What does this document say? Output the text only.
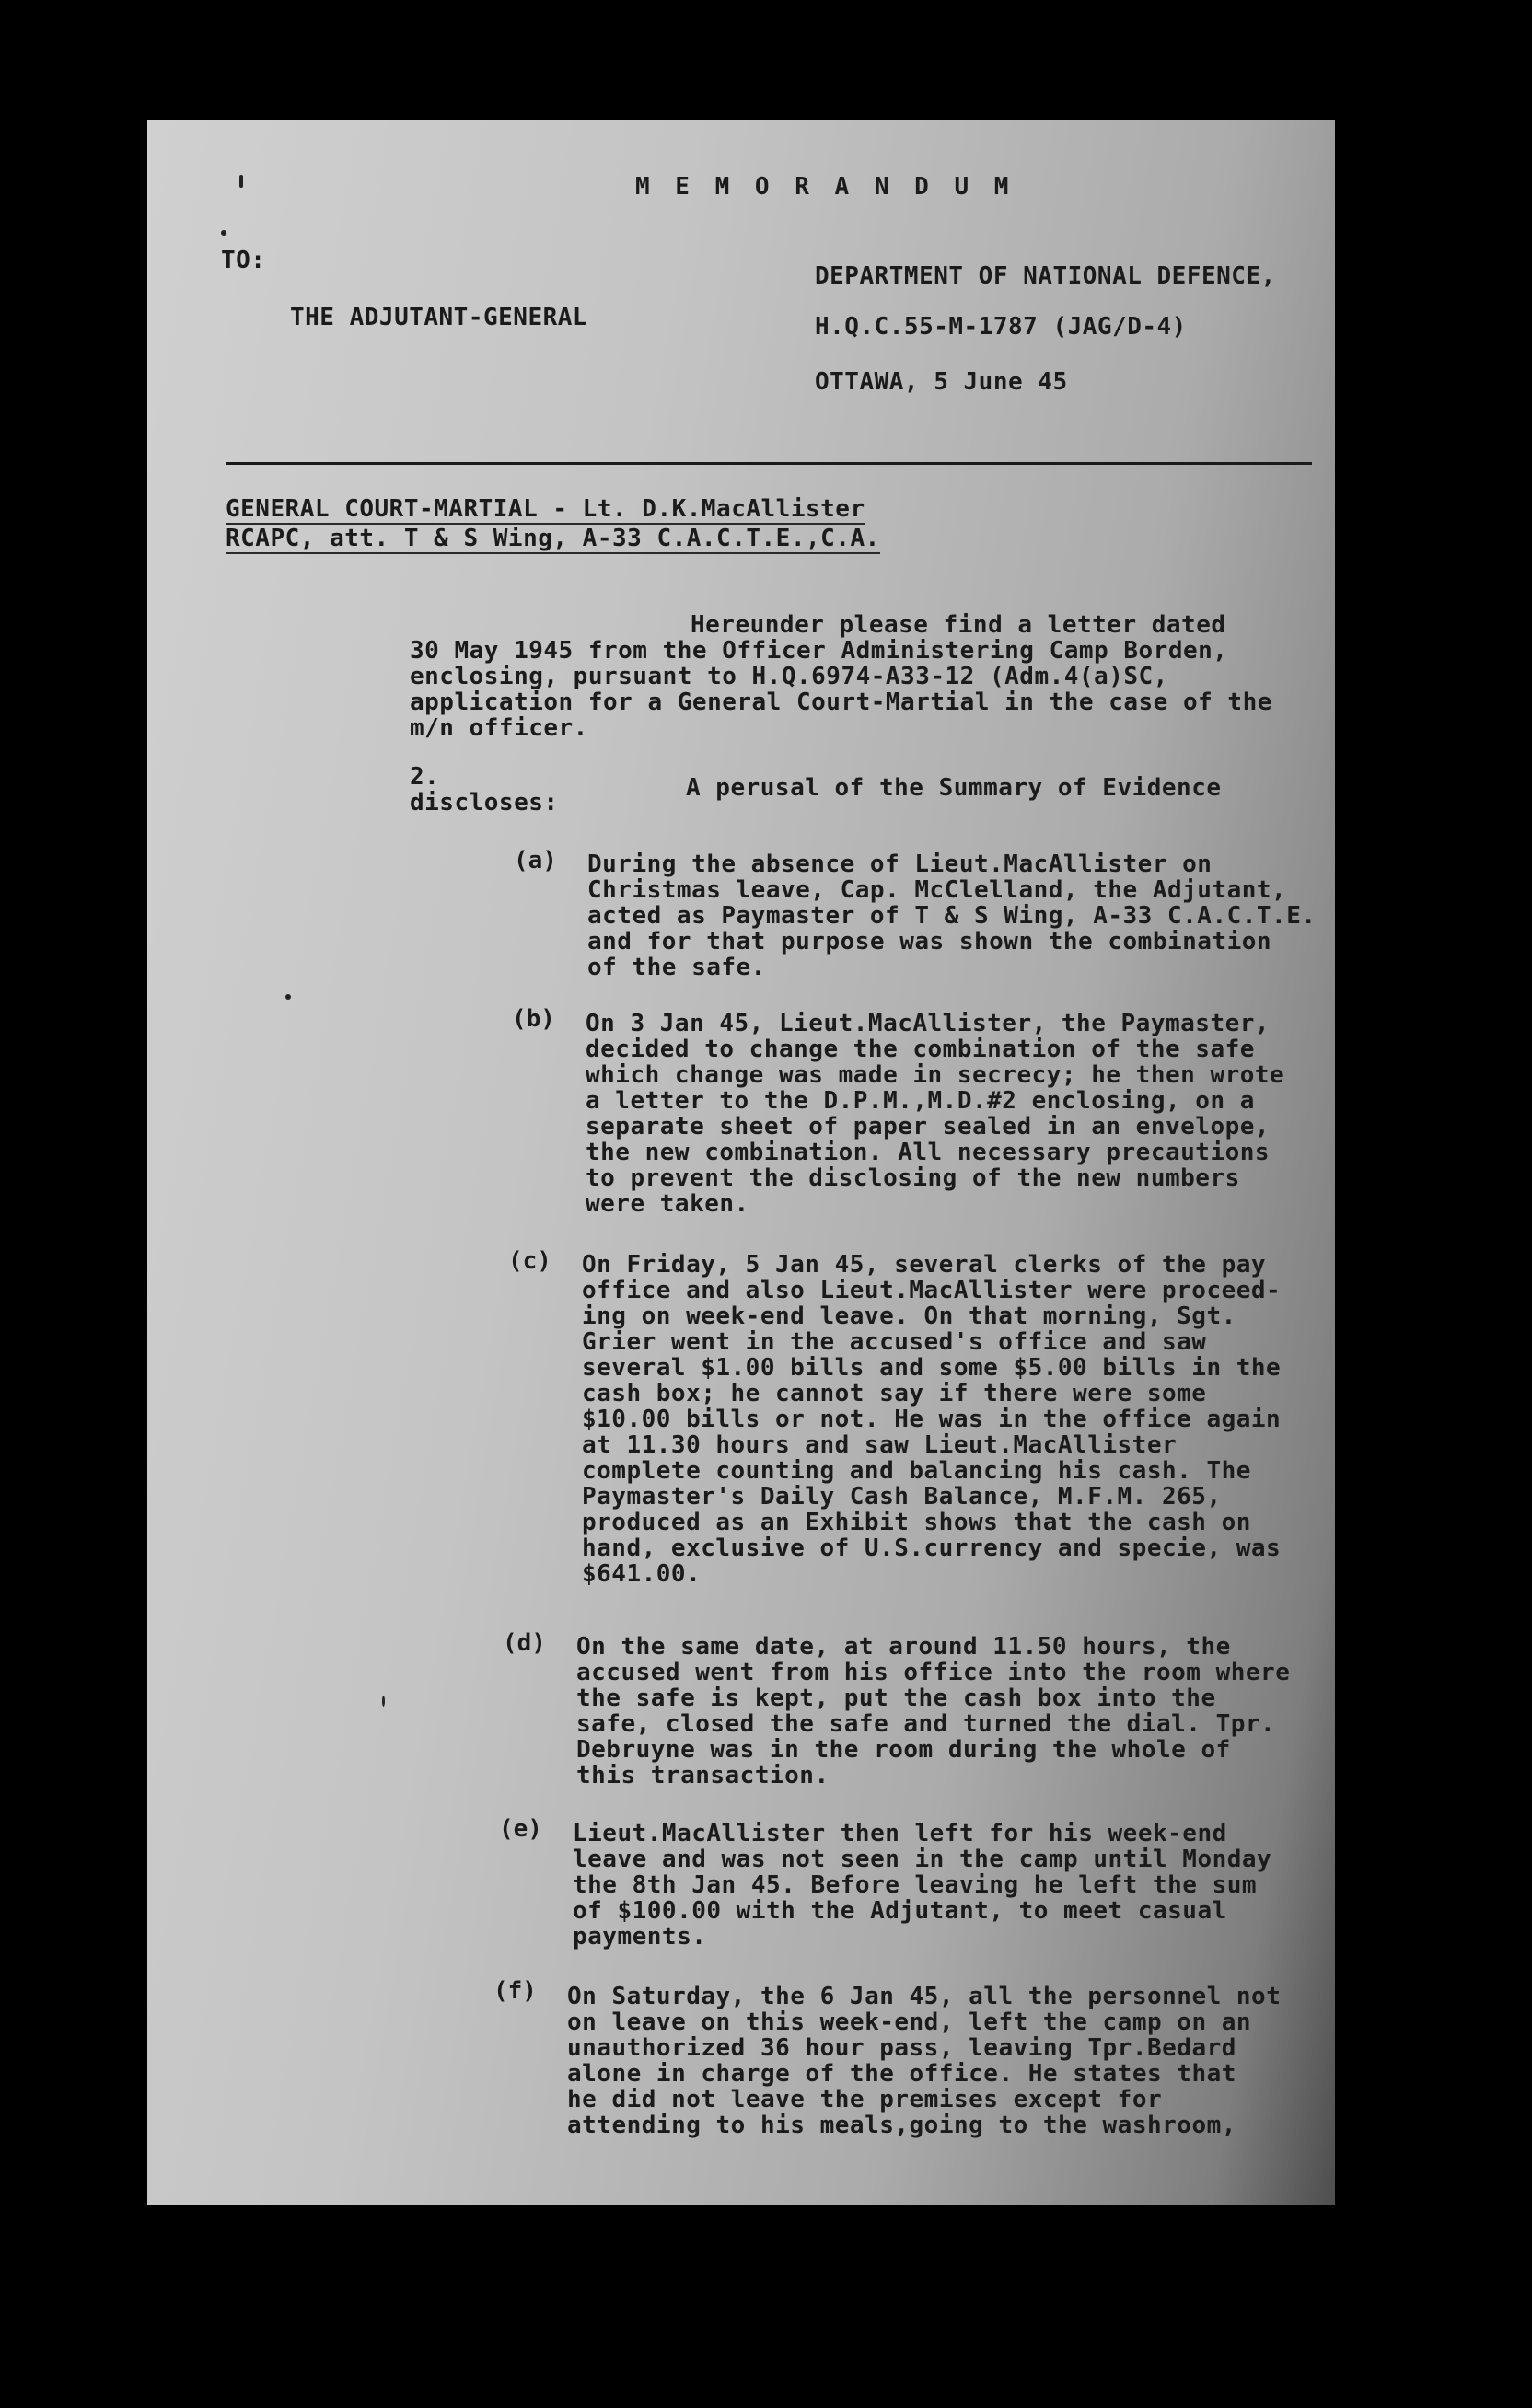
M E M O R A N D U M
TO:
THE ADJUTANT-GENERAL
DEPARTMENT OF NATIONAL DEFENCE,
H.Q.C.55-M-1787 (JAG/D-4)
OTTAWA, 5 June 45
GENERAL COURT-MARTIAL - Lt. D.K.MacAllister
RCAPC, att. T & S Wing, A-33 C.A.C.T.E.,C.A.
Hereunder please find a letter dated
30 May 1945 from the Officer Administering Camp Borden,
enclosing, pursuant to H.Q.6974-A33-12 (Adm.4(a)SC,
application for a General Court-Martial in the case of the
m/n officer.
2.	A perusal of the Summary of Evidence
discloses:
(a) During the absence of Lieut.MacAllister on
Christmas leave, Cap. McClelland, the Adjutant,
acted as Paymaster of T & S Wing, A-33 C.A.C.T.E.
and for that purpose was shown the combination
of the safe.
(b) On 3 Jan 45, Lieut.MacAllister, the Paymaster,
decided to change the combination of the safe
which change was made in secrecy; he then wrote
a letter to the D.P.M.,M.D.#2 enclosing, on a
separate sheet of paper sealed in an envelope,
the new combination. All necessary precautions
to prevent the disclosing of the new numbers
were taken.
(c) On Friday, 5 Jan 45, several clerks of the pay
office and also Lieut.MacAllister were proceed-
ing on week-end leave. On that morning, Sgt.
Grier went in the accused's office and saw
several $1.00 bills and some $5.00 bills in the
cash box; he cannot say if there were some
$10.00 bills or not. He was in the office again
at 11.30 hours and saw Lieut.MacAllister
complete counting and balancing his cash. The
Paymaster's Daily Cash Balance, M.F.M. 265,
produced as an Exhibit shows that the cash on
hand, exclusive of U.S.currency and specie, was
$641.00.
(d) On the same date, at around 11.50 hours, the
accused went from his office into the room where
the safe is kept, put the cash box into the
safe, closed the safe and turned the dial. Tpr.
Debruyne was in the room during the whole of
this transaction.
(e) Lieut.MacAllister then left for his week-end
leave and was not seen in the camp until Monday
the 8th Jan 45. Before leaving he left the sum
of $100.00 with the Adjutant, to meet casual
payments.
(f) On Saturday, the 6 Jan 45, all the personnel not
on leave on this week-end, left the camp on an
unauthorized 36 hour pass, leaving Tpr.Bedard
alone in charge of the office. He states that
he did not leave the premises except for
attending to his meals,going to the washroom,
